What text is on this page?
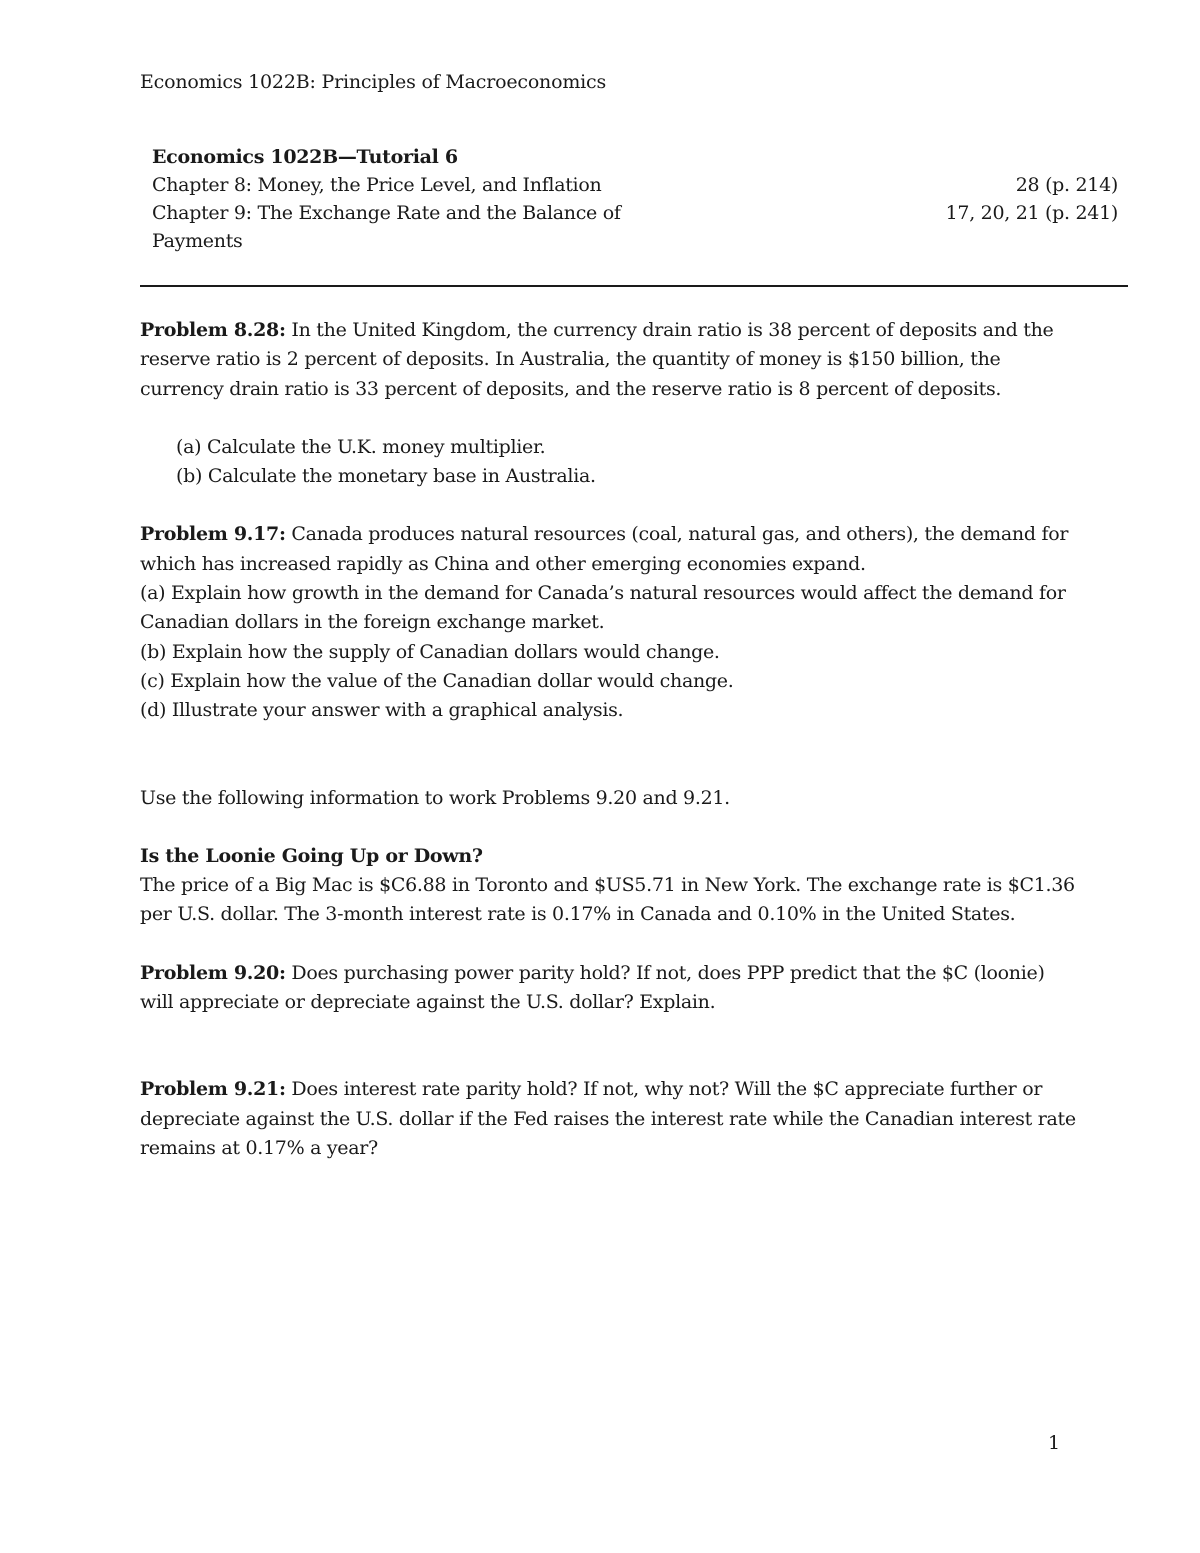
Economics 1022B: Principles of Macroeconomics

Economics 1022B—Tutorial 6

Chapter 8: Money, the Price Level, and Inflation	28 (p. 214)
Chapter 9: The Exchange Rate and the Balance of Payments
17, 20, 21 (p. 241)

Problem 8.28: In the United Kingdom, the currency drain ratio is 38 percent of deposits and the reserve ratio is 2 percent of deposits. In Australia, the quantity of money is $150 billion, the currency drain ratio is 33 percent of deposits, and the reserve ratio is 8 percent of deposits.

(a) Calculate the U.K. money multiplier.
(b) Calculate the monetary base in Australia.

Problem 9.17: Canada produces natural resources (coal, natural gas, and others), the demand for which has increased rapidly as China and other emerging economies expand.

(a) Explain how growth in the demand for Canada’s natural resources would affect the demand for Canadian dollars in the foreign exchange market.

(b) Explain how the supply of Canadian dollars would change.

(c) Explain how the value of the Canadian dollar would change.

(d) Illustrate your answer with a graphical analysis.

Use the following information to work Problems 9.20 and 9.21.

Is the Loonie Going Up or Down?

The price of a Big Mac is $C6.88 in Toronto and $US5.71 in New York. The exchange rate is $C1.36 per U.S. dollar. The 3-month interest rate is 0.17% in Canada and 0.10% in the United States.

Problem 9.20: Does purchasing power parity hold? If not, does PPP predict that the $C (loonie) will appreciate or depreciate against the U.S. dollar? Explain.

Problem 9.21: Does interest rate parity hold? If not, why not? Will the $C appreciate further or depreciate against the U.S. dollar if the Fed raises the interest rate while the Canadian interest rate remains at 0.17% a year?

1
